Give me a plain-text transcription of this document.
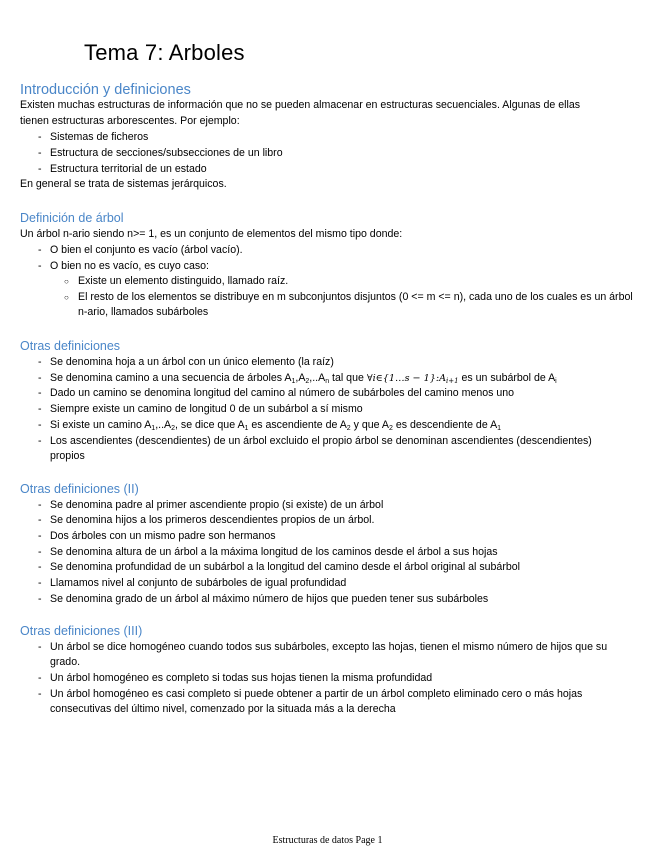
Tema 7: Arboles
Introducción y definiciones
Existen muchas estructuras de información que no se pueden almacenar en estructuras secuenciales. Algunas de ellas
tienen estructuras arborescentes. Por ejemplo:
- Sistemas de ficheros
- Estructura de secciones/subsecciones de un libro
- Estructura territorial de un estado
En general se trata de sistemas jerárquicos.
Definición de árbol
Un árbol n-ario siendo n>= 1, es un conjunto de elementos del mismo tipo donde:
- O bien el conjunto es vacío (árbol vacío).
- O bien no es vacío, es cuyo caso:
○ Existe un elemento distinguido, llamado raíz.
○ El resto de los elementos se distribuye en m subconjuntos disjuntos (0 <= m <= n), cada uno de los cuales es un árbol n-ario, llamados subárboles
Otras definiciones
- Se denomina hoja a un árbol con un único elemento (la raíz)
- Se denomina camino a una secuencia de árboles $A_1,A_2,..A_n$ tal que ∀i∈{1…s − $1\}:A_{i+1}$ es un subárbol de $A_i$
- Dado un camino se denomina longitud del camino al número de subárboles del camino menos uno
- Siempre existe un camino de longitud 0 de un subárbol a sí mismo
- Si existe un camino $A_1,..A_2$, se dice que $A_1$ es ascendiente de $A_2$ y que $A_2$ es descendiente de $A_1$
- Los ascendientes (descendientes) de un árbol excluido el propio árbol se denominan ascendientes (descendientes) propios
Otras definiciones (II)
- Se denomina padre al primer ascendiente propio (si existe) de un árbol
- Se denomina hijos a los primeros descendientes propios de un árbol.
- Dos árboles con un mismo padre son hermanos
- Se denomina altura de un árbol a la máxima longitud de los caminos desde el árbol a sus hojas
- Se denomina profundidad de un subárbol a la longitud del camino desde el árbol original al subárbol
- Llamamos nivel al conjunto de subárboles de igual profundidad
- Se denomina grado de un árbol al máximo número de hijos que pueden tener sus subárboles
Otras definiciones (III)
- Un árbol se dice homogéneo cuando todos sus subárboles, excepto las hojas, tienen el mismo número de hijos que su grado.
- Un árbol homogéneo es completo si todas sus hojas tienen la misma profundidad
- Un árbol homogéneo es casi completo si puede obtener a partir de un árbol completo eliminado cero o más hojas consecutivas del último nivel, comenzado por la situada más a la derecha
Estructuras de datos Page 1
